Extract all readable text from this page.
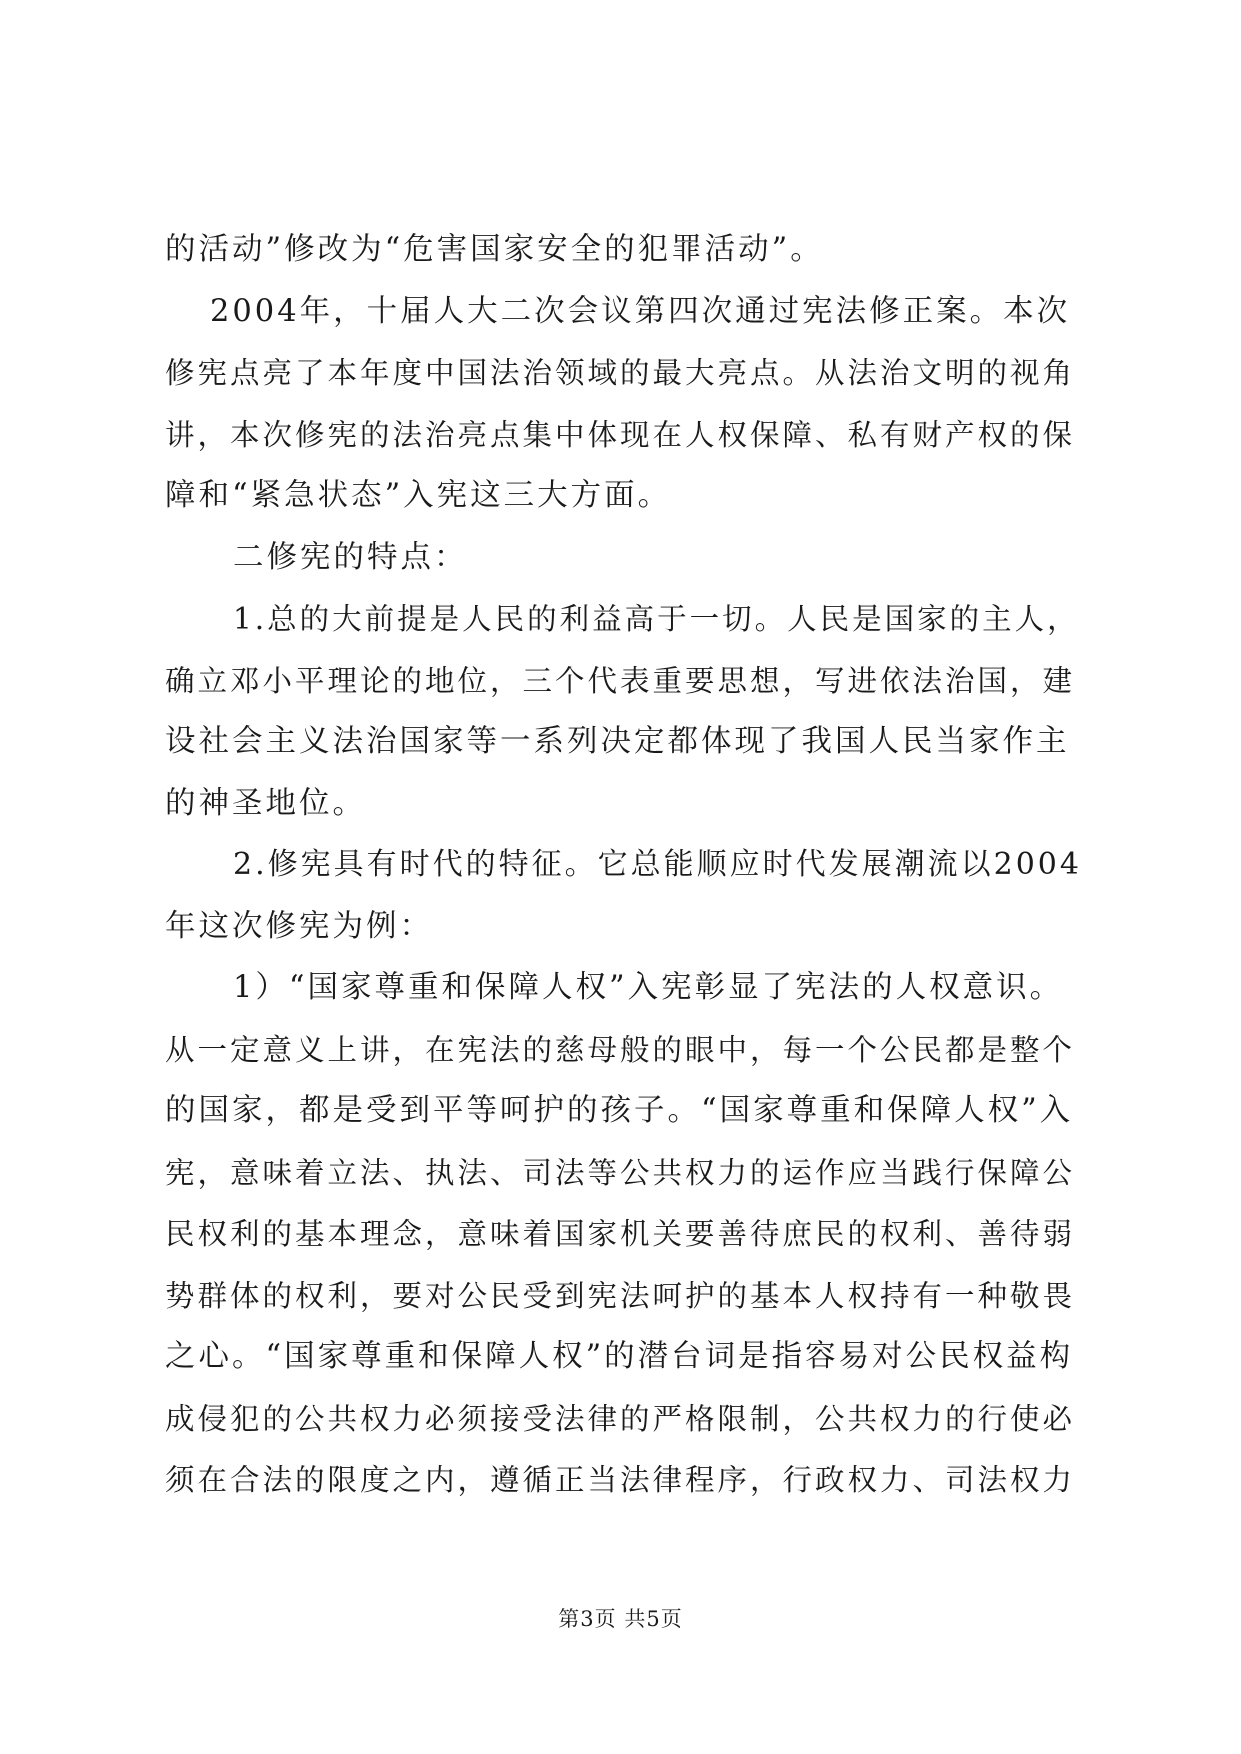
的活动”修改为“危害国家安全的犯罪活动”。
2004年，十届人大二次会议第四次通过宪法修正案。本次
修宪点亮了本年度中国法治领域的最大亮点。从法治文明的视角
讲，本次修宪的法治亮点集中体现在人权保障、私有财产权的保
障和“紧急状态”入宪这三大方面。
二修宪的特点：
1.总的大前提是人民的利益高于一切。人民是国家的主人，
确立邓小平理论的地位，三个代表重要思想，写进依法治国，建
设社会主义法治国家等一系列决定都体现了我国人民当家作主
的神圣地位。
2.修宪具有时代的特征。它总能顺应时代发展潮流以2004
年这次修宪为例：
1）“国家尊重和保障人权”入宪彰显了宪法的人权意识。
从一定意义上讲，在宪法的慈母般的眼中，每一个公民都是整个
的国家，都是受到平等呵护的孩子。“国家尊重和保障人权”入
宪，意味着立法、执法、司法等公共权力的运作应当践行保障公
民权利的基本理念，意味着国家机关要善待庶民的权利、善待弱
势群体的权利，要对公民受到宪法呵护的基本人权持有一种敬畏
之心。“国家尊重和保障人权”的潜台词是指容易对公民权益构
成侵犯的公共权力必须接受法律的严格限制，公共权力的行使必
须在合法的限度之内，遵循正当法律程序，行政权力、司法权力
第3页 共5页
